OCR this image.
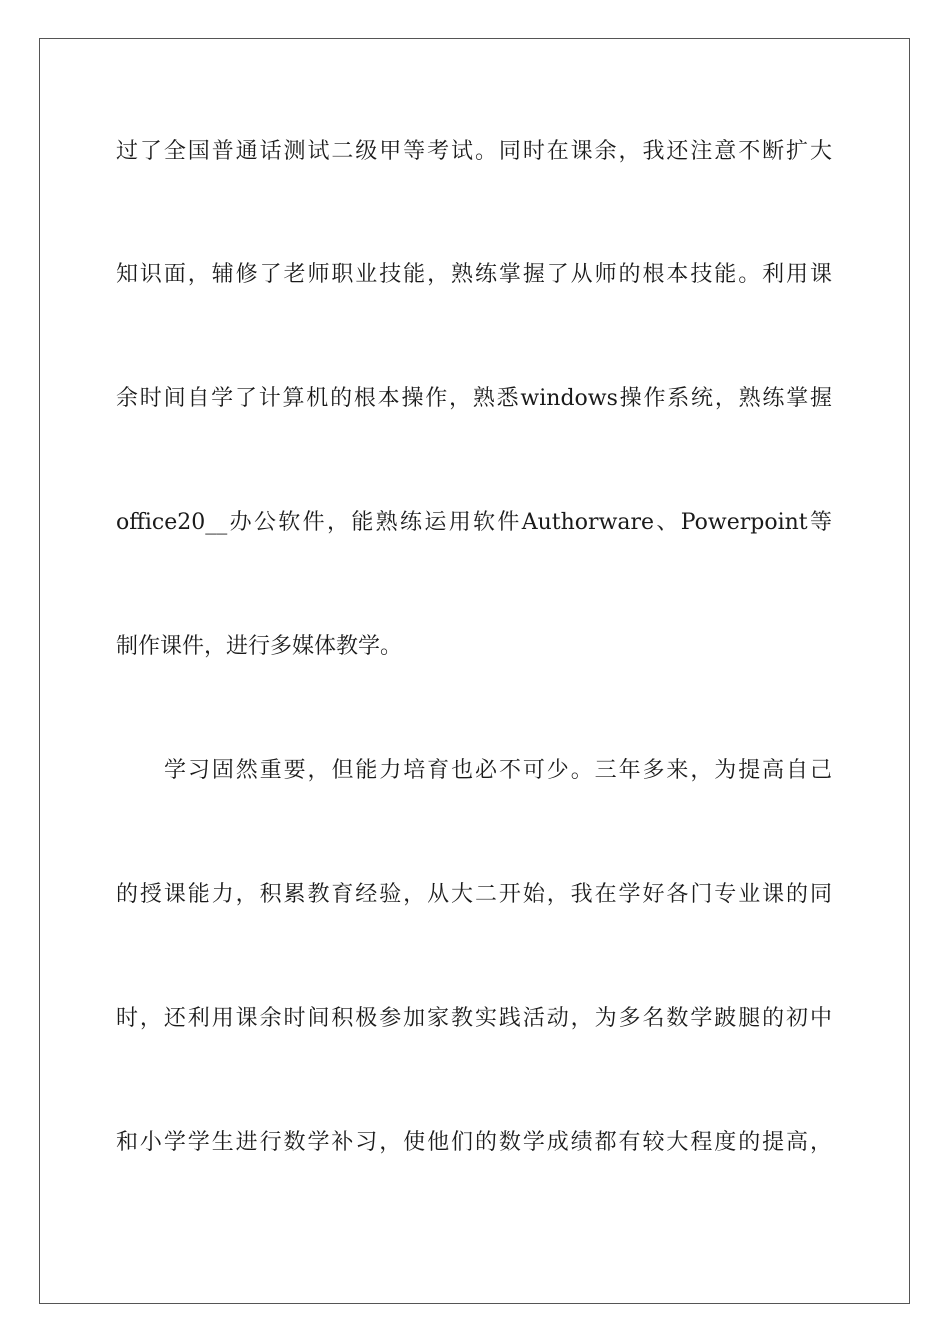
过了全国普通话测试二级甲等考试。同时在课余，我还注意不断扩大
知识面，辅修了老师职业技能，熟练掌握了从师的根本技能。利用课
余时间自学了计算机的根本操作，熟悉windows操作系统，熟练掌握
office20__办公软件，能熟练运用软件Authorware、Powerpoint等
制作课件，进行多媒体教学。
学习固然重要，但能力培育也必不可少。三年多来，为提高自己
的授课能力，积累教育经验，从大二开始，我在学好各门专业课的同
时，还利用课余时间积极参加家教实践活动，为多名数学跛腿的初中
和小学学生进行数学补习，使他们的数学成绩都有较大程度的提高，
